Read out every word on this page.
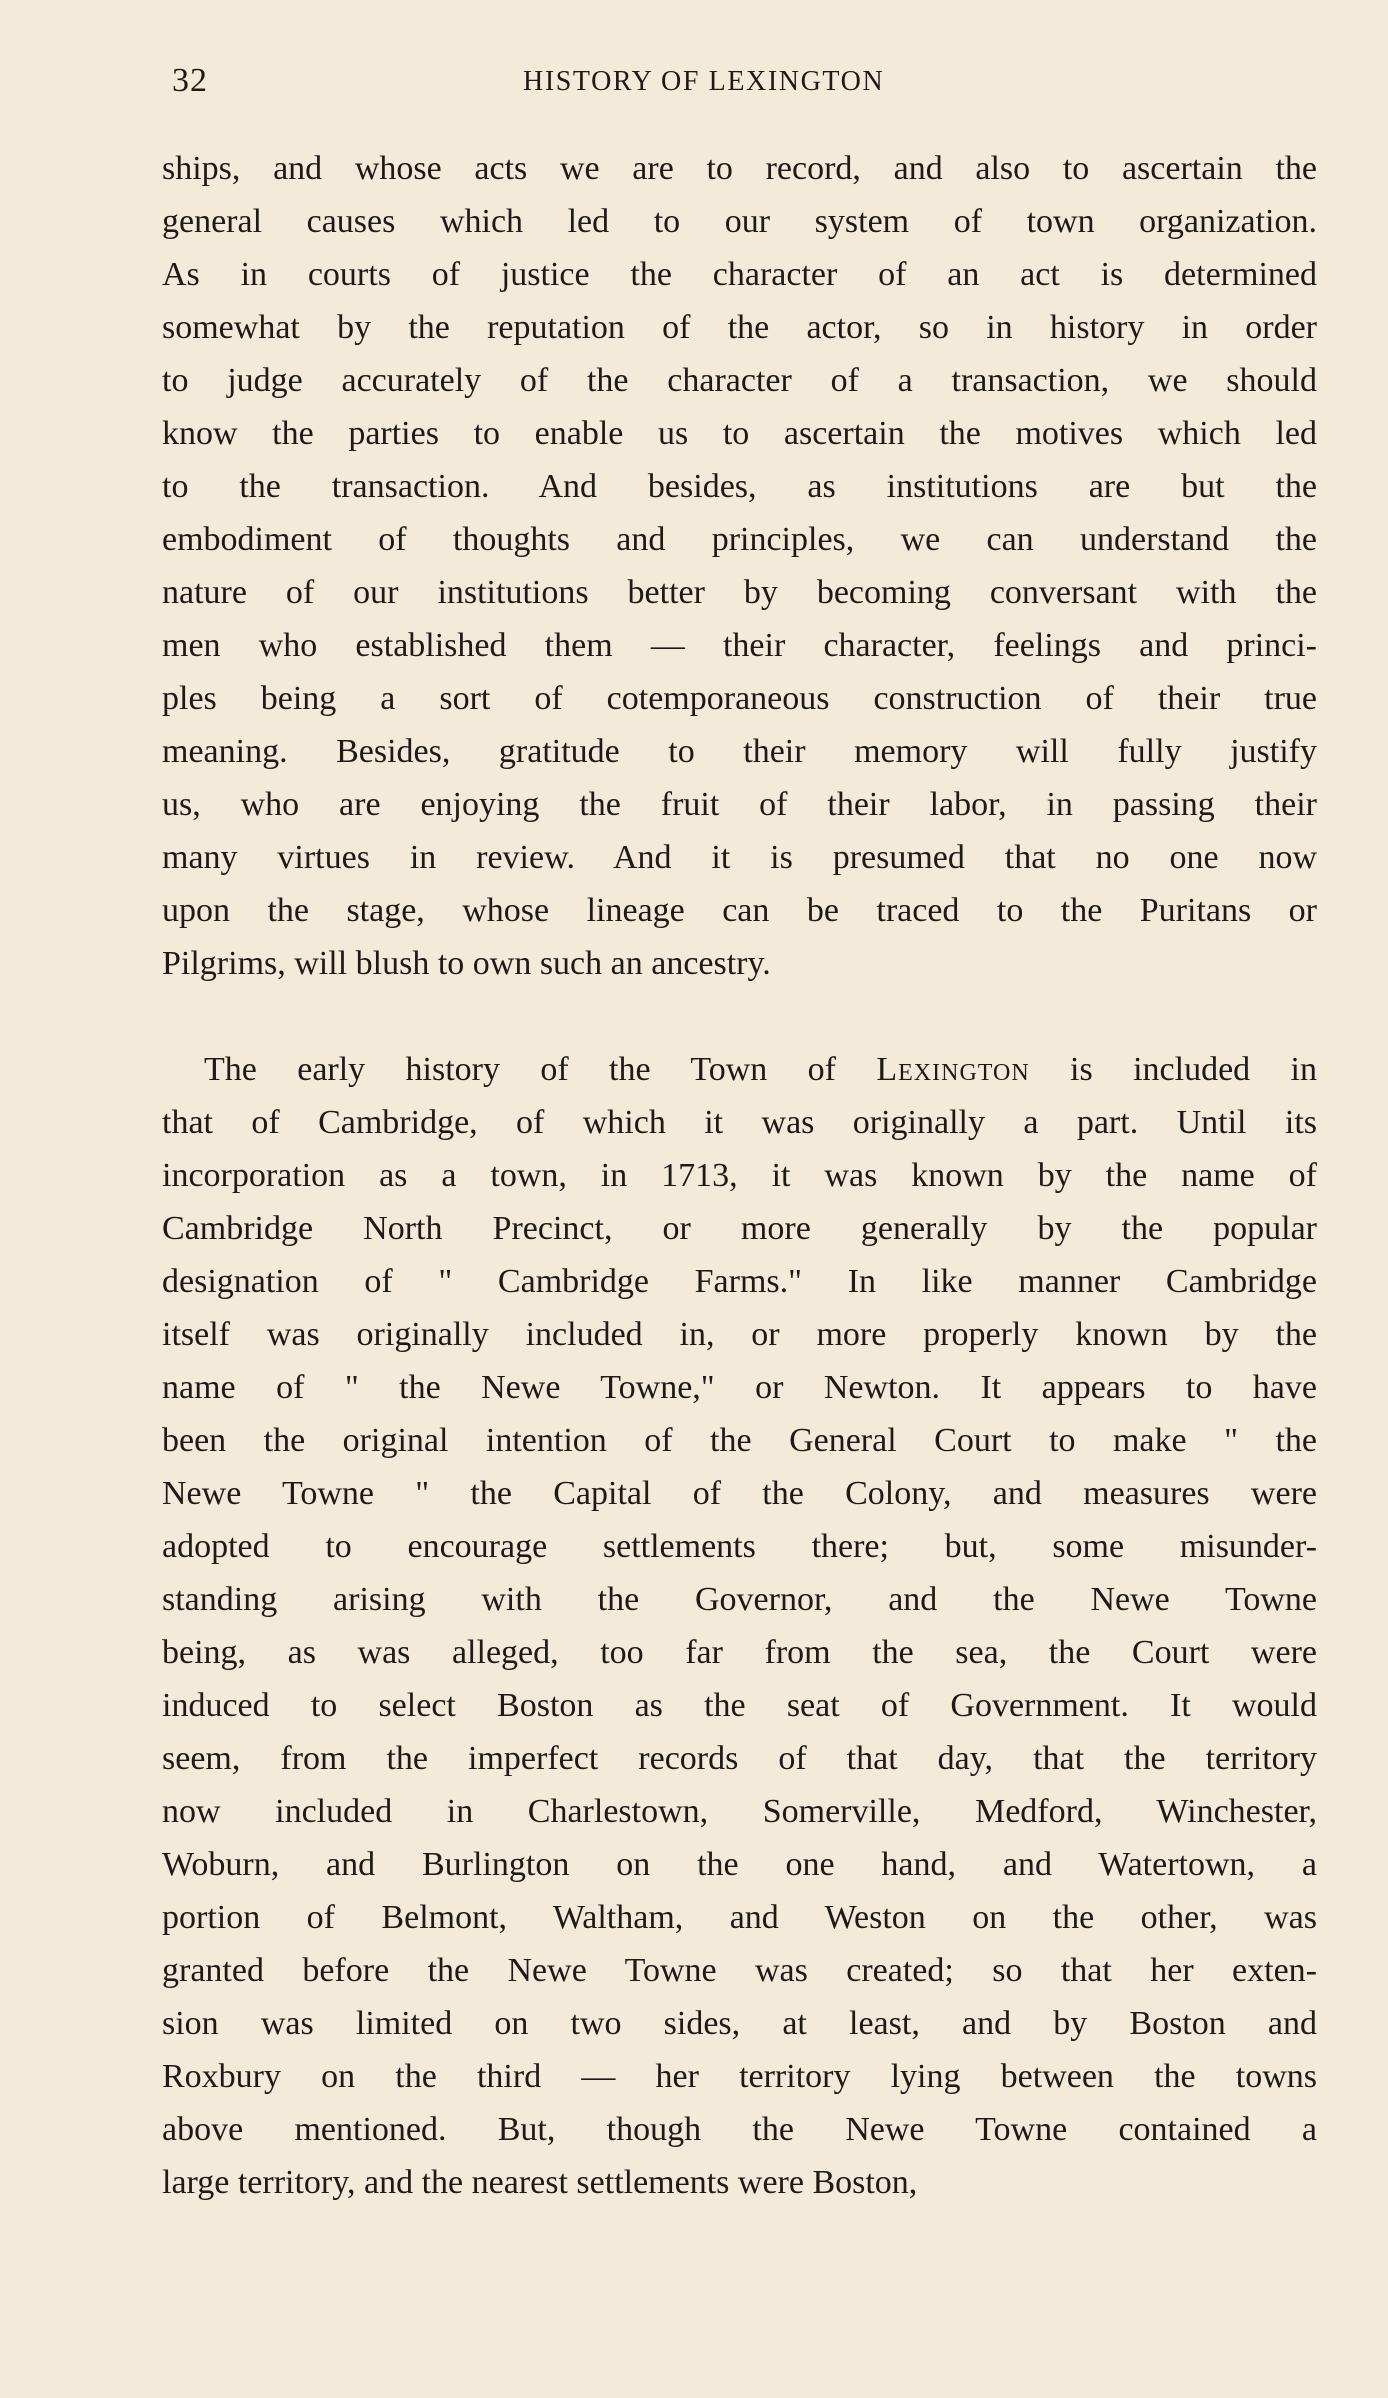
32	HISTORY OF LEXINGTON
ships, and whose acts we are to record, and also to ascertain the
general causes which led to our system of town organization.
As in courts of justice the character of an act is determined
somewhat by the reputation of the actor, so in history in order
to judge accurately of the character of a transaction, we should
know the parties to enable us to ascertain the motives which led
to the transaction. And besides, as institutions are but the
embodiment of thoughts and principles, we can understand the
nature of our institutions better by becoming conversant with the
men who established them — their character, feelings and princi-
ples being a sort of cotemporaneous construction of their true
meaning. Besides, gratitude to their memory will fully justify
us, who are enjoying the fruit of their labor, in passing their
many virtues in review. And it is presumed that no one now
upon the stage, whose lineage can be traced to the Puritans or
Pilgrims, will blush to own such an ancestry.
The early history of the Town of Lexington is included in
that of Cambridge, of which it was originally a part. Until its
incorporation as a town, in 1713, it was known by the name of
Cambridge North Precinct, or more generally by the popular
designation of " Cambridge Farms." In like manner Cambridge
itself was originally included in, or more properly known by the
name of " the Newe Towne," or Newton. It appears to have
been the original intention of the General Court to make " the
Newe Towne " the Capital of the Colony, and measures were
adopted to encourage settlements there; but, some misunder-
standing arising with the Governor, and the Newe Towne
being, as was alleged, too far from the sea, the Court were
induced to select Boston as the seat of Government. It would
seem, from the imperfect records of that day, that the territory
now included in Charlestown, Somerville, Medford, Winchester,
Woburn, and Burlington on the one hand, and Watertown, a
portion of Belmont, Waltham, and Weston on the other, was
granted before the Newe Towne was created; so that her exten-
sion was limited on two sides, at least, and by Boston and
Roxbury on the third — her territory lying between the towns
above mentioned. But, though the Newe Towne contained a
large territory, and the nearest settlements were Boston,
